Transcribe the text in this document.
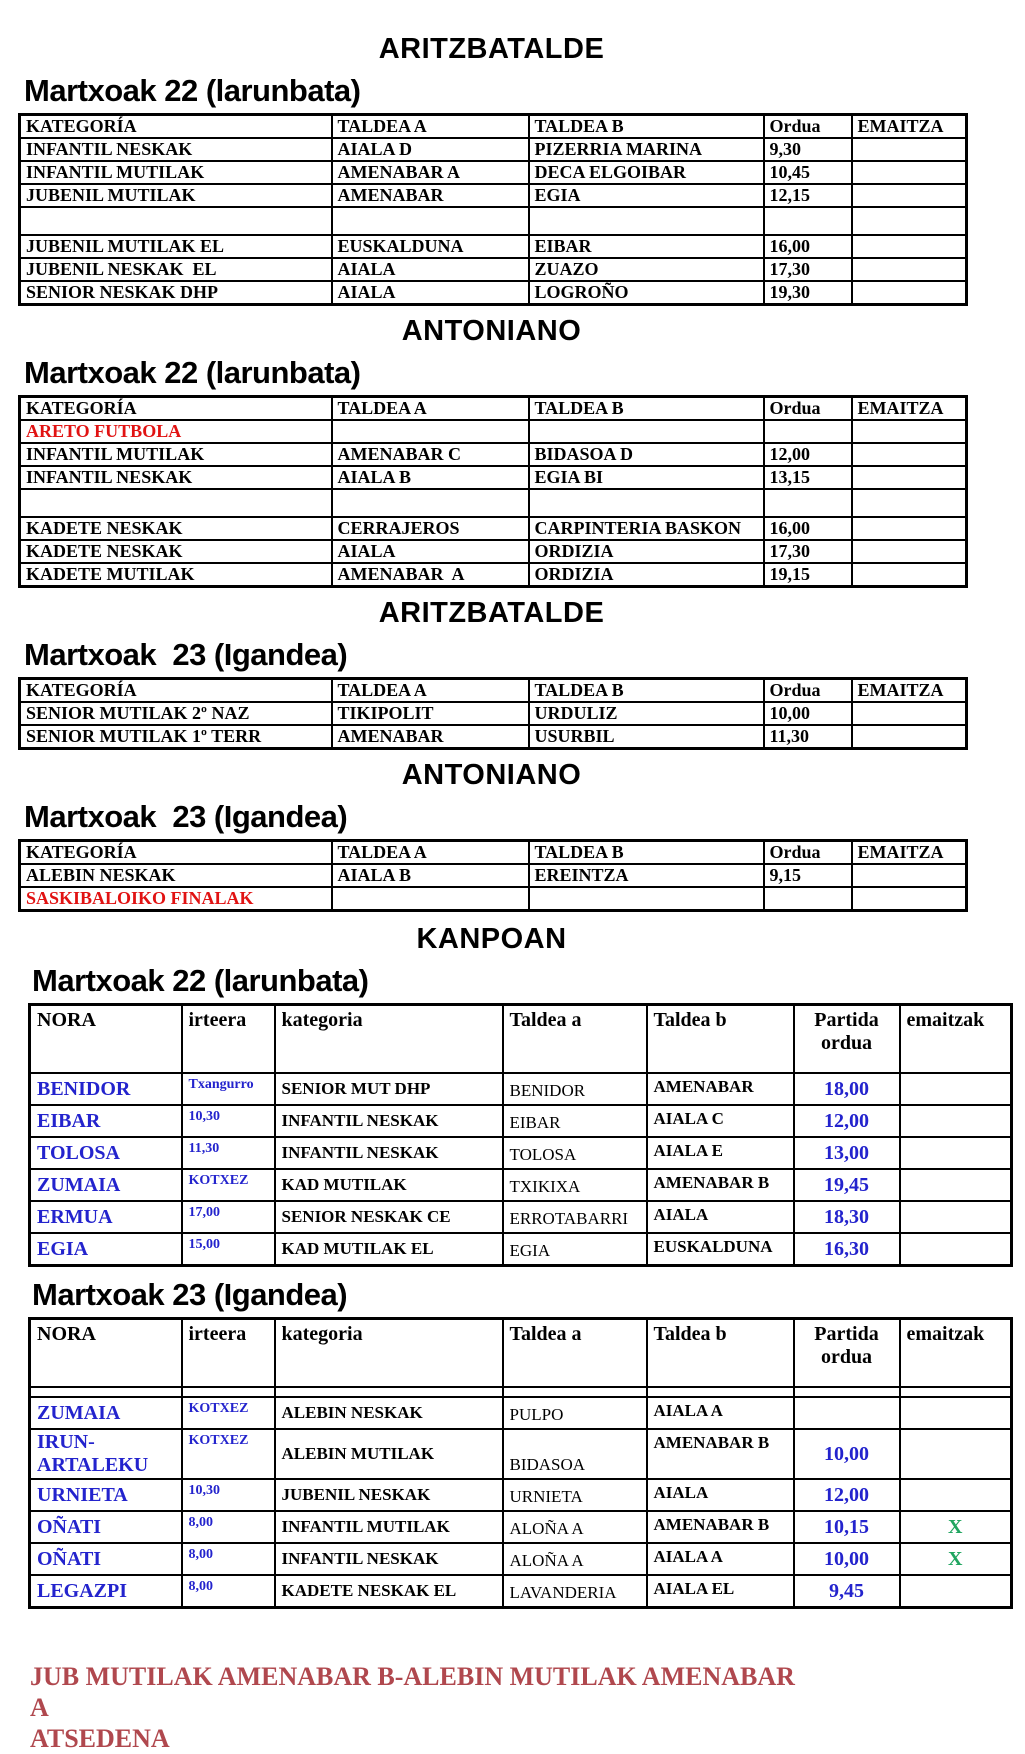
ARITZBATALDE
Martxoak 22 (larunbata)
KATEGORÍA	TALDEA A	TALDEA B	Ordua	EMAITZA
INFANTIL NESKAK	AIALA D	PIZERRIA MARINA	9,30	
INFANTIL MUTILAK	AMENABAR A	DECA ELGOIBAR	10,45	
JUBENIL MUTILAK	AMENABAR	EGIA	12,15	

JUBENIL MUTILAK EL	EUSKALDUNA	EIBAR	16,00	
JUBENIL NESKAK  EL	AIALA	ZUAZO	17,30	
SENIOR NESKAK DHP	AIALA	LOGROÑO	19,30	
ANTONIANO
Martxoak 22 (larunbata)
KATEGORÍA	TALDEA A	TALDEA B	Ordua	EMAITZA
ARETO FUTBOLA				
INFANTIL MUTILAK	AMENABAR C	BIDASOA D	12,00	
INFANTIL NESKAK	AIALA B	EGIA BI	13,15	

KADETE NESKAK	CERRAJEROS	CARPINTERIA BASKON	16,00	
KADETE NESKAK	AIALA	ORDIZIA	17,30	
KADETE MUTILAK	AMENABAR  A	ORDIZIA	19,15	
ARITZBATALDE
Martxoak  23 (Igandea)
KATEGORÍA	TALDEA A	TALDEA B	Ordua	EMAITZA
SENIOR MUTILAK 2º NAZ	TIKIPOLIT	URDULIZ	10,00	
SENIOR MUTILAK 1º TERR	AMENABAR	USURBIL	11,30	
ANTONIANO
Martxoak  23 (Igandea)
KATEGORÍA	TALDEA A	TALDEA B	Ordua	EMAITZA
ALEBIN NESKAK	AIALA B	EREINTZA	9,15	
SASKIBALOIKO FINALAK				
KANPOAN
Martxoak 22 (larunbata)
NORA	irteera	kategoria	Taldea a	Taldea b	Partida ordua	emaitzak
BENIDOR	Txangurro	SENIOR MUT DHP	BENIDOR	AMENABAR	18,00	
EIBAR	10,30	INFANTIL NESKAK	EIBAR	AIALA C	12,00	
TOLOSA	11,30	INFANTIL NESKAK	TOLOSA	AIALA E	13,00	
ZUMAIA	KOTXEZ	KAD MUTILAK	TXIKIXA	AMENABAR B	19,45	
ERMUA	17,00	SENIOR NESKAK CE	ERROTABARRI	AIALA	18,30	
EGIA	15,00	KAD MUTILAK EL	EGIA	EUSKALDUNA	16,30	
Martxoak 23 (Igandea)
NORA	irteera	kategoria	Taldea a	Taldea b	Partida ordua	emaitzak

ZUMAIA	KOTXEZ	ALEBIN NESKAK	PULPO	AIALA A		
IRUN-ARTALEKU	KOTXEZ	ALEBIN MUTILAK	BIDASOA	AMENABAR B	10,00	
URNIETA	10,30	JUBENIL NESKAK	URNIETA	AIALA	12,00	
OÑATI	8,00	INFANTIL MUTILAK	ALOÑA A	AMENABAR B	10,15	X
OÑATI	8,00	INFANTIL NESKAK	ALOÑA A	AIALA A	10,00	X
LEGAZPI	8,00	KADETE NESKAK EL	LAVANDERIA	AIALA EL	9,45	

JUB MUTILAK AMENABAR B-ALEBIN MUTILAK AMENABAR A
ATSEDENA
